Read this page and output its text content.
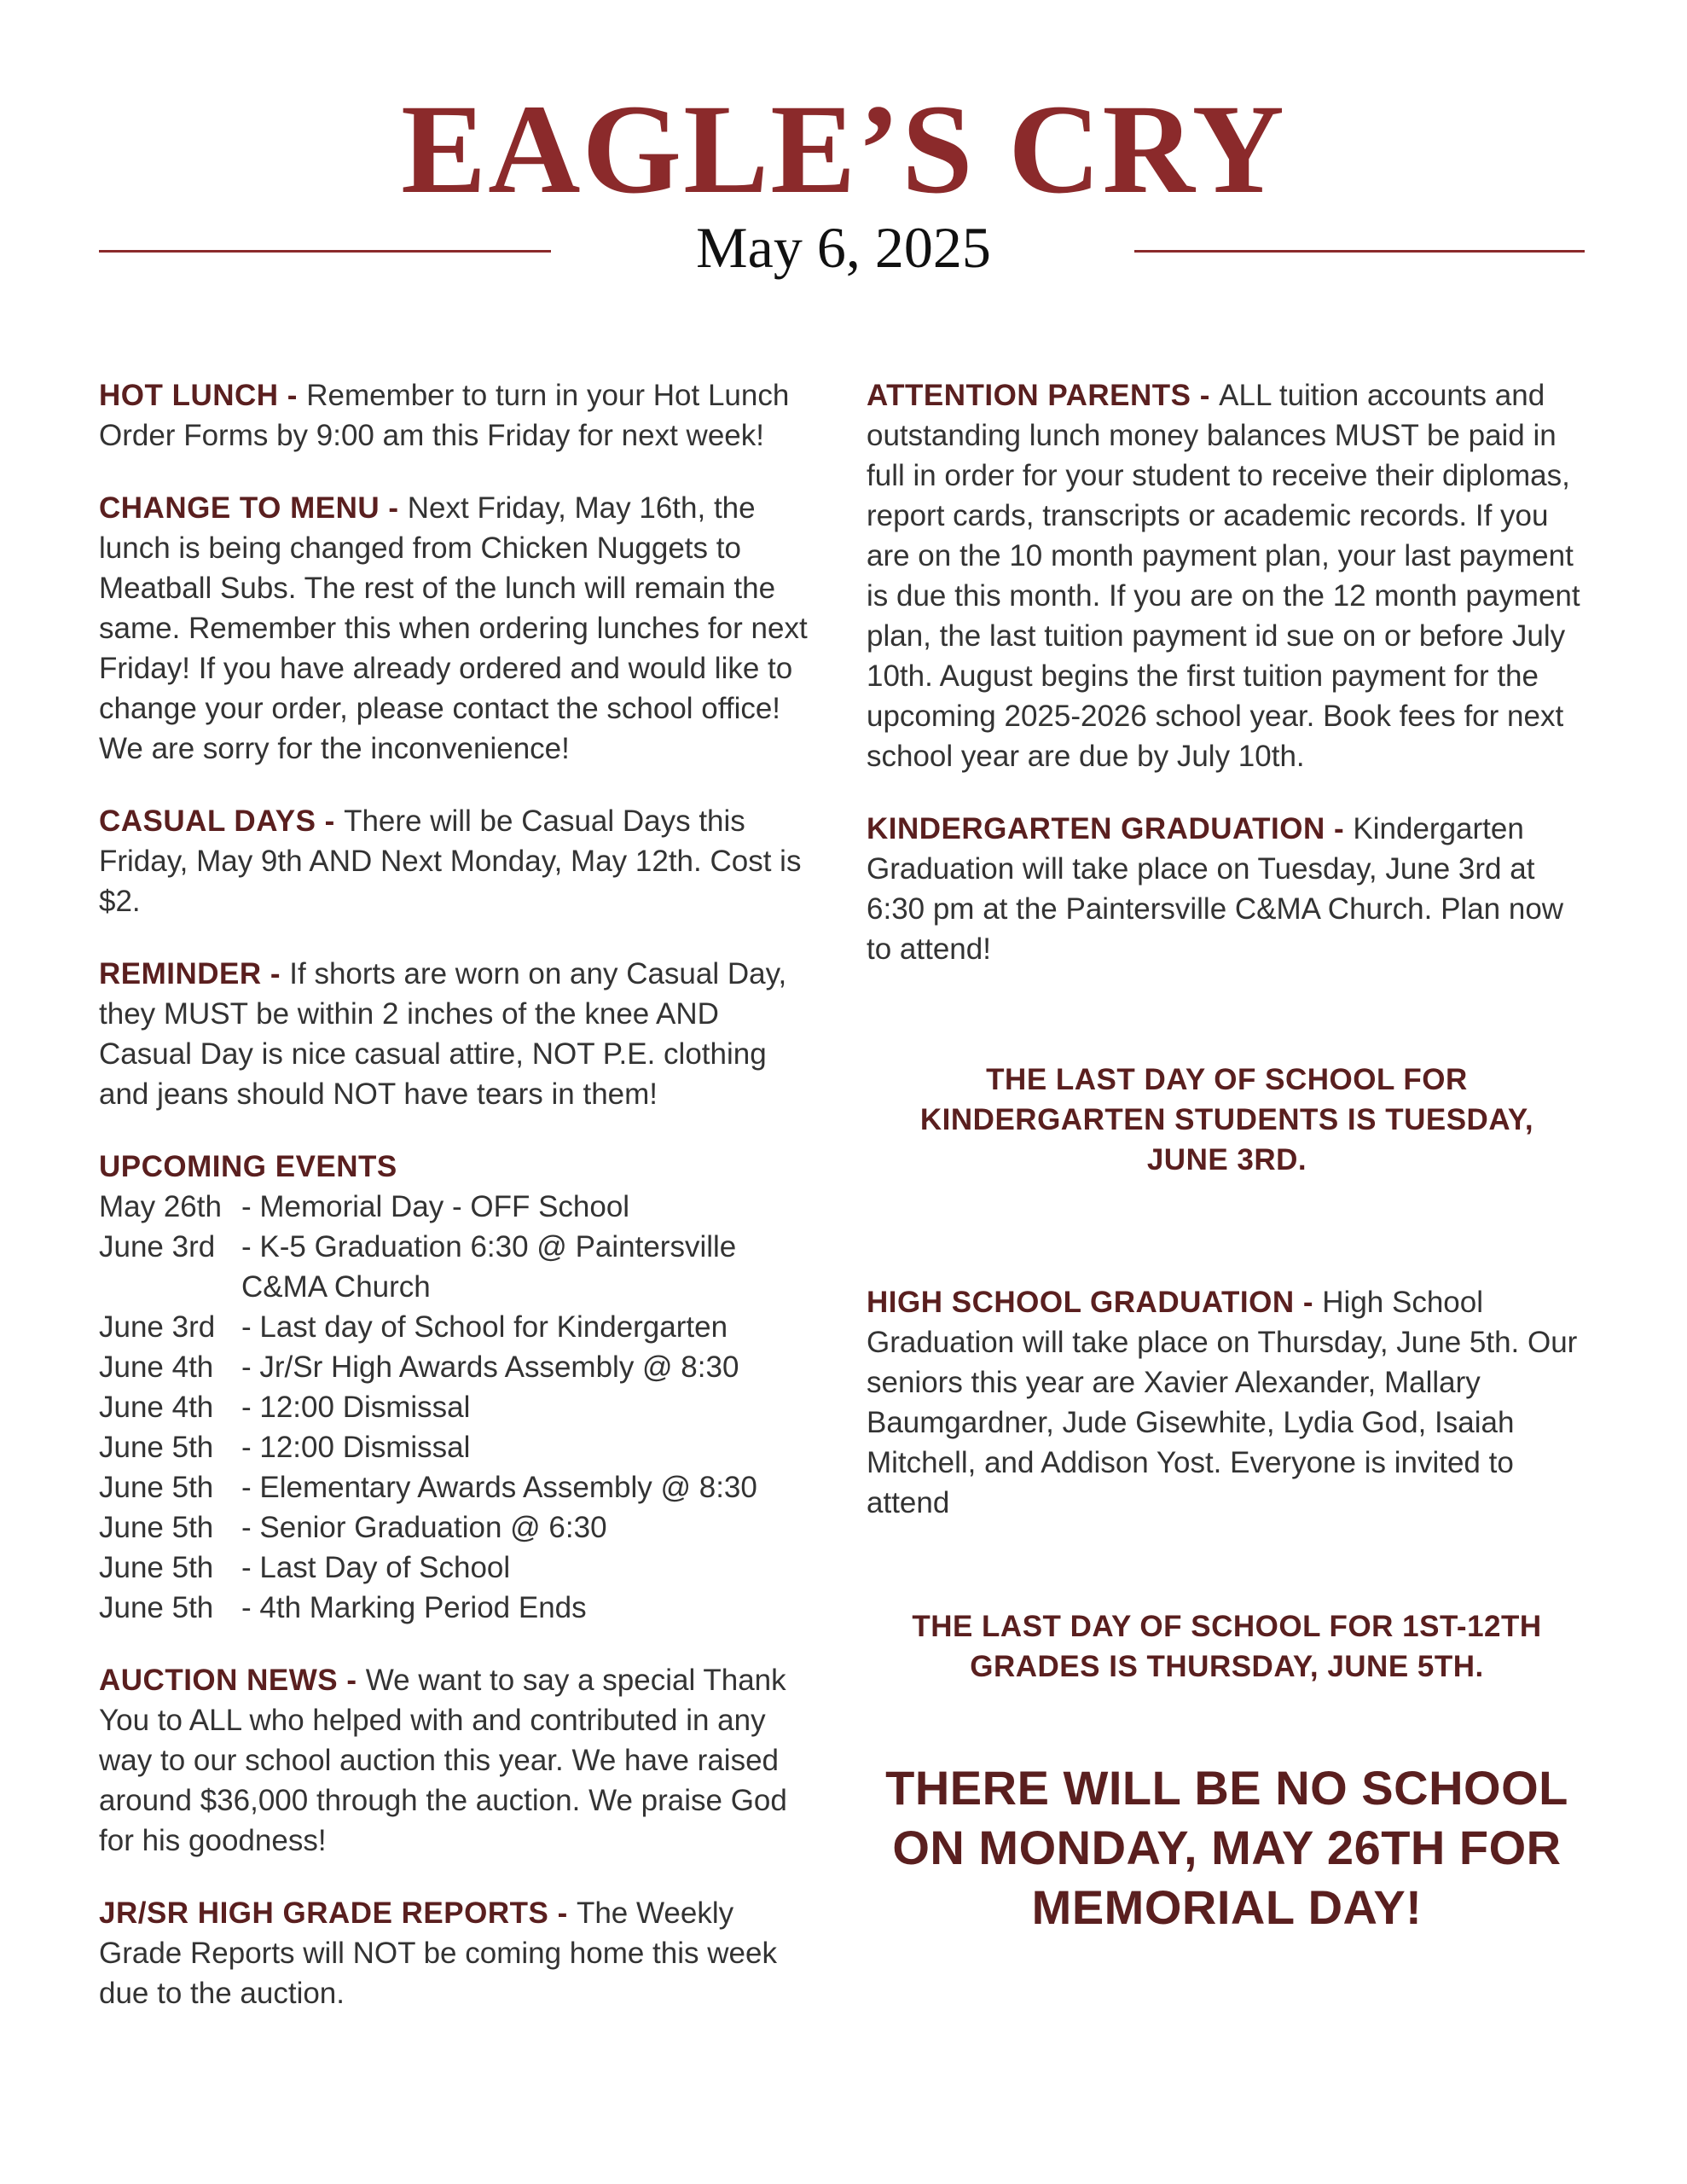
EAGLE’S CRY
May 6, 2025

HOT LUNCH - Remember to turn in your Hot Lunch Order Forms by 9:00 am this Friday for next week!

CHANGE TO MENU - Next Friday, May 16th, the lunch is being changed from Chicken Nuggets to Meatball Subs. The rest of the lunch will remain the same. Remember this when ordering lunches for next Friday! If you have already ordered and would like to change your order, please contact the school office! We are sorry for the inconvenience!

CASUAL DAYS - There will be Casual Days this Friday, May 9th AND Next Monday, May 12th. Cost is $2.

REMINDER - If shorts are worn on any Casual Day, they MUST be within 2 inches of the knee AND Casual Day is nice casual attire, NOT P.E. clothing and jeans should NOT have tears in them!

UPCOMING EVENTS
May 26th - Memorial Day - OFF School
June 3rd - K-5 Graduation 6:30 @ Paintersville
C&MA Church
June 3rd - Last day of School for Kindergarten
June 4th - Jr/Sr High Awards Assembly @ 8:30
June 4th - 12:00 Dismissal
June 5th - 12:00 Dismissal
June 5th - Elementary Awards Assembly @ 8:30
June 5th - Senior Graduation @ 6:30
June 5th - Last Day of School
June 5th - 4th Marking Period Ends

AUCTION NEWS - We want to say a special Thank You to ALL who helped with and contributed in any way to our school auction this year. We have raised around $36,000 through the auction. We praise God for his goodness!

JR/SR HIGH GRADE REPORTS - The Weekly Grade Reports will NOT be coming home this week due to the auction.

ATTENTION PARENTS - ALL tuition accounts and outstanding lunch money balances MUST be paid in full in order for your student to receive their diplomas, report cards, transcripts or academic records. If you are on the 10 month payment plan, your last payment is due this month. If you are on the 12 month payment plan, the last tuition payment id sue on or before July 10th. August begins the first tuition payment for the upcoming 2025-2026 school year. Book fees for next school year are due by July 10th.

KINDERGARTEN GRADUATION - Kindergarten Graduation will take place on Tuesday, June 3rd at 6:30 pm at the Paintersville C&MA Church. Plan now to attend!

THE LAST DAY OF SCHOOL FOR KINDERGARTEN STUDENTS IS TUESDAY, JUNE 3RD.

HIGH SCHOOL GRADUATION - High School Graduation will take place on Thursday, June 5th. Our seniors this year are Xavier Alexander, Mallary Baumgardner, Jude Gisewhite, Lydia God, Isaiah Mitchell, and Addison Yost. Everyone is invited to attend

THE LAST DAY OF SCHOOL FOR 1ST-12TH GRADES IS THURSDAY, JUNE 5TH.
THERE WILL BE NO SCHOOL ON MONDAY, MAY 26TH FOR MEMORIAL DAY!
